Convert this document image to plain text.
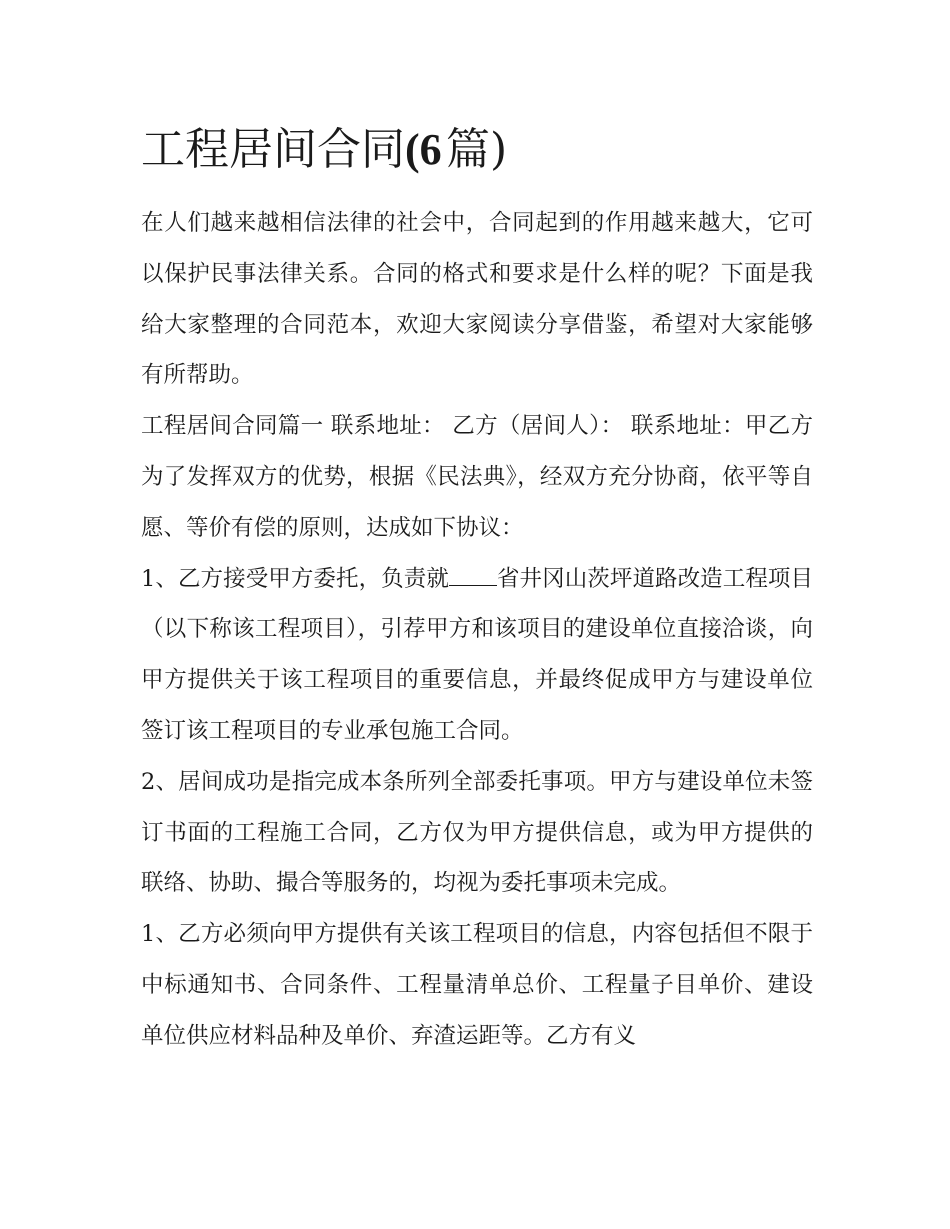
工程居间合同(6 篇)

在人们越来越相信法律的社会中，合同起到的作用越来越大，它可以保护民事法律关系。合同的格式和要求是什么样的呢？下面是我给大家整理的合同范本，欢迎大家阅读分享借鉴，希望对大家能够有所帮助。

工程居间合同篇一 联系地址： 乙方（居间人）： 联系地址：甲乙方为了发挥双方的优势，根据《民法典》，经双方充分协商，依平等自愿、等价有偿的原则，达成如下协议：

1、乙方接受甲方委托，负责就 省井冈山茨坪道路改造工程项目（以下称该工程项目），引荐甲方和该项目的建设单位直接洽谈，向甲方提供关于该工程项目的重要信息，并最终促成甲方与建设单位签订该工程项目的专业承包施工合同。

2、居间成功是指完成本条所列全部委托事项。甲方与建设单位未签订书面的工程施工合同，乙方仅为甲方提供信息，或为甲方提供的联络、协助、撮合等服务的，均视为委托事项未完成。

1、乙方必须向甲方提供有关该工程项目的信息，内容包括但不限于中标通知书、合同条件、工程量清单总价、工程量子目单价、建设单位供应材料品种及单价、弃渣运距等。乙方有义
